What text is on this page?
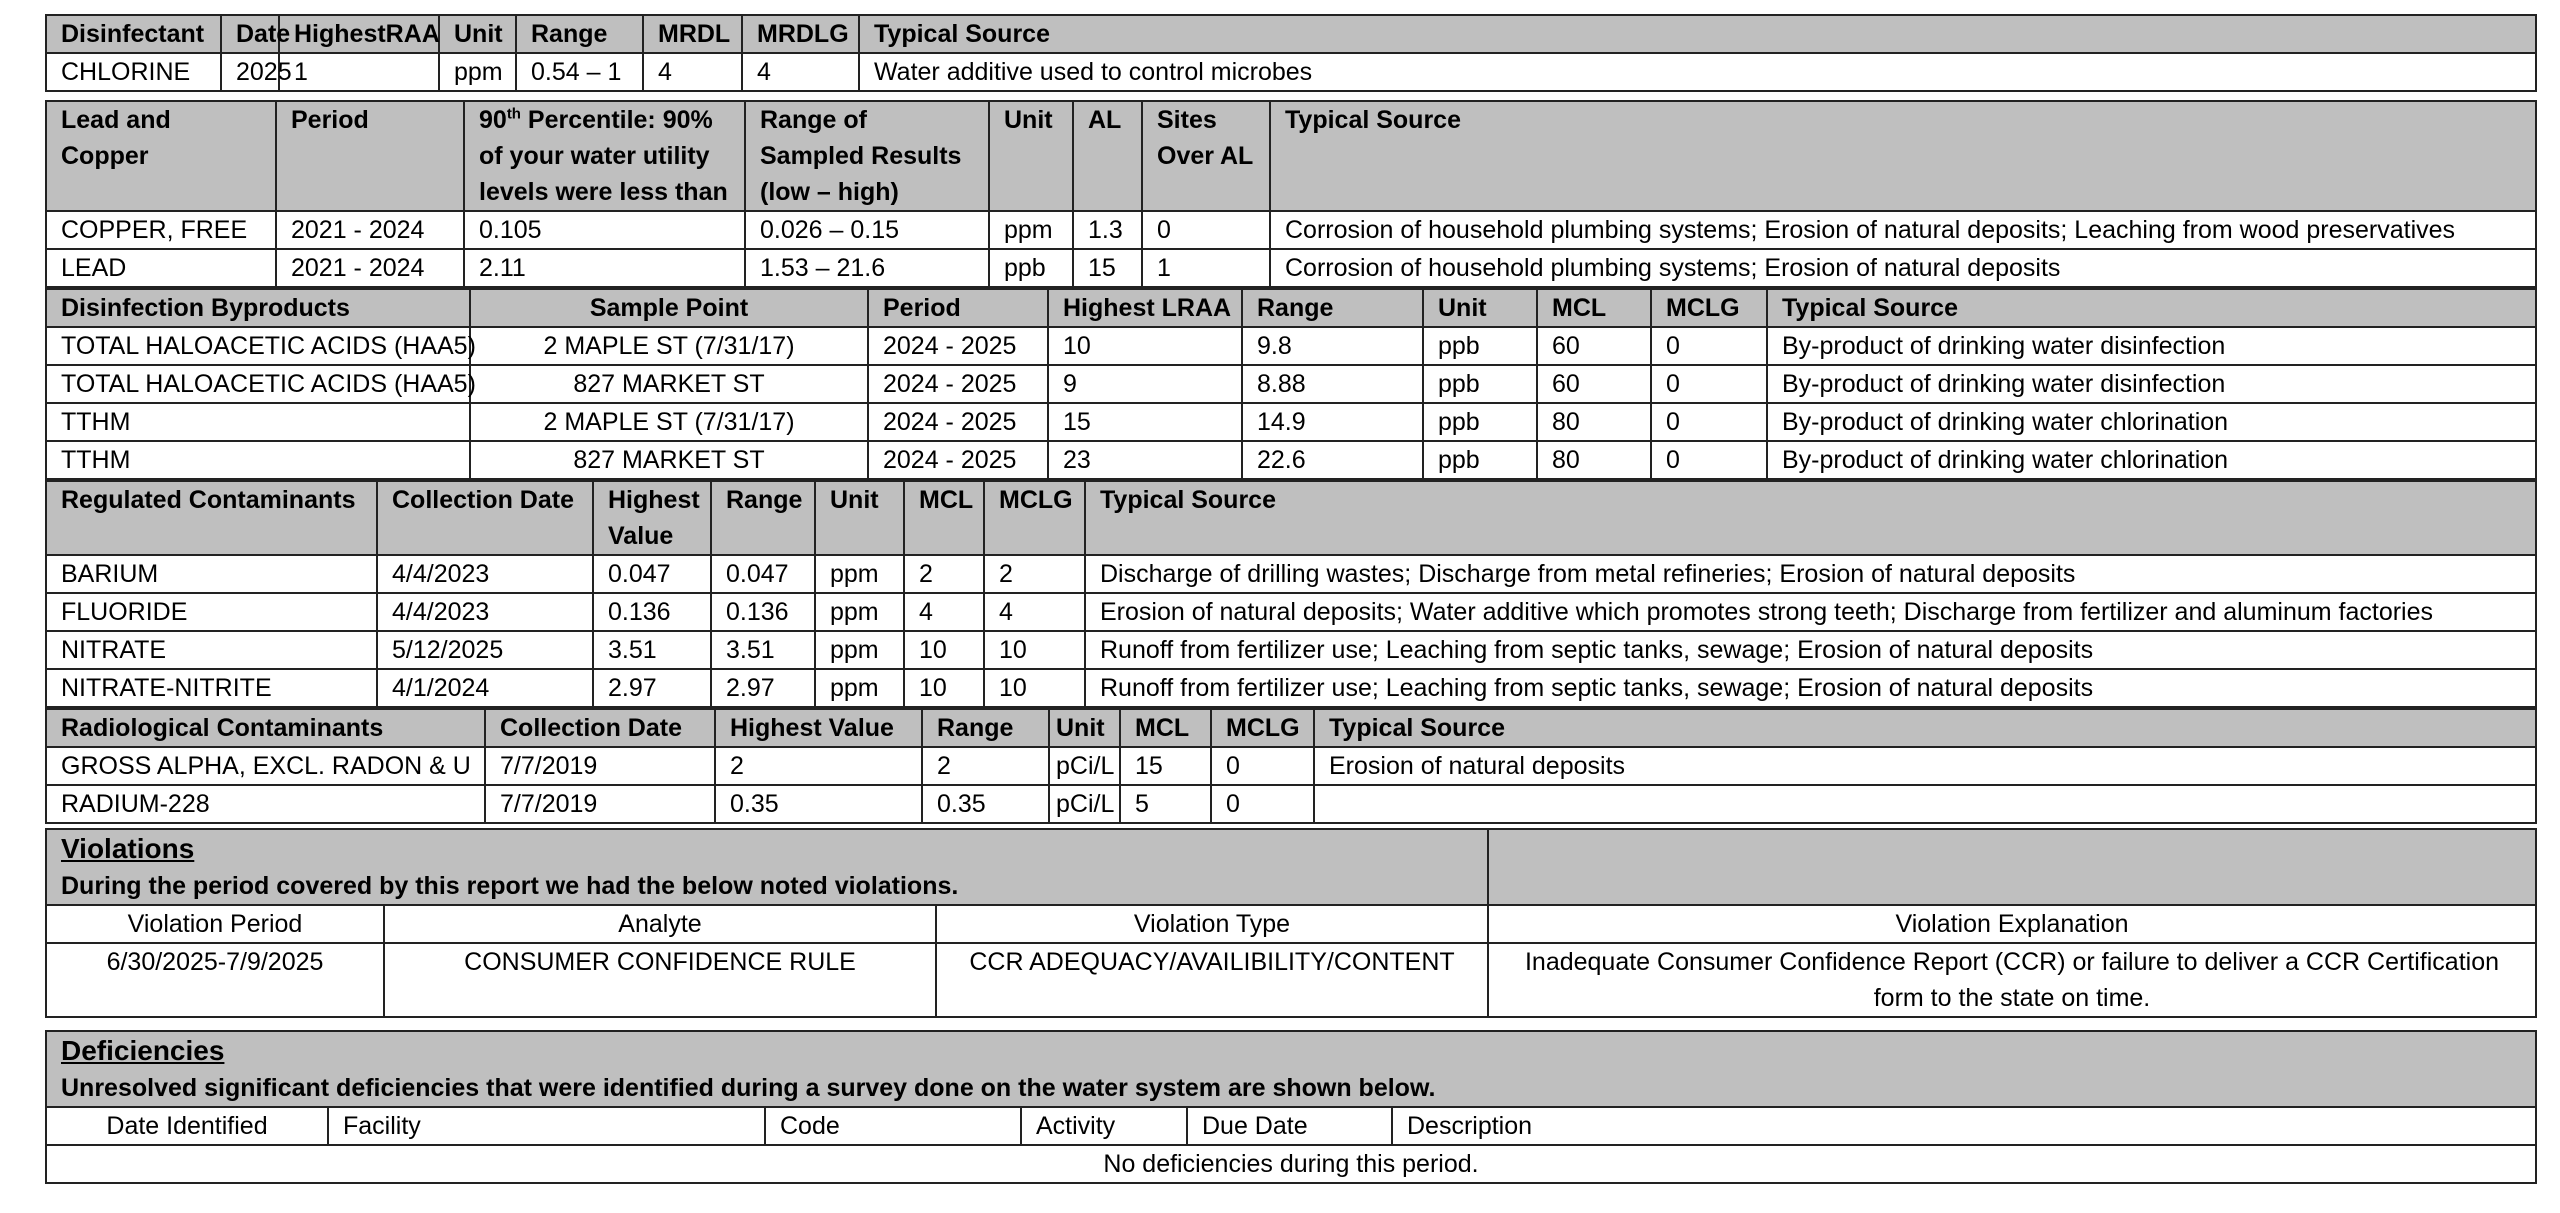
Disinfectant	Date	HighestRAA	Unit	Range	MRDL	MRDLG	Typical Source
CHLORINE	2025	1	ppm	0.54 – 1	4	4	Water additive used to control microbes
Lead and Copper	Period	90th Percentile: 90% of your water utility levels were less than	Range of Sampled Results (low – high)	Unit	AL	Sites Over AL	Typical Source
COPPER, FREE	2021 - 2024	0.105	0.026 – 0.15	ppm	1.3	0	Corrosion of household plumbing systems; Erosion of natural deposits; Leaching from wood preservatives
LEAD	2021 - 2024	2.11	1.53 – 21.6	ppb	15	1	Corrosion of household plumbing systems; Erosion of natural deposits
Disinfection Byproducts	Sample Point	Period	Highest LRAA	Range	Unit	MCL	MCLG	Typical Source
TOTAL HALOACETIC ACIDS (HAA5)	2 MAPLE ST (7/31/17)	2024 - 2025	10	9.8	ppb	60	0	By-product of drinking water disinfection
TOTAL HALOACETIC ACIDS (HAA5)	827 MARKET ST	2024 - 2025	9	8.88	ppb	60	0	By-product of drinking water disinfection
TTHM	2 MAPLE ST (7/31/17)	2024 - 2025	15	14.9	ppb	80	0	By-product of drinking water chlorination
TTHM	827 MARKET ST	2024 - 2025	23	22.6	ppb	80	0	By-product of drinking water chlorination
Regulated Contaminants	Collection Date	Highest Value	Range	Unit	MCL	MCLG	Typical Source
BARIUM	4/4/2023	0.047	0.047	ppm	2	2	Discharge of drilling wastes; Discharge from metal refineries; Erosion of natural deposits
FLUORIDE	4/4/2023	0.136	0.136	ppm	4	4	Erosion of natural deposits; Water additive which promotes strong teeth; Discharge from fertilizer and aluminum factories
NITRATE	5/12/2025	3.51	3.51	ppm	10	10	Runoff from fertilizer use; Leaching from septic tanks, sewage; Erosion of natural deposits
NITRATE-NITRITE	4/1/2024	2.97	2.97	ppm	10	10	Runoff from fertilizer use; Leaching from septic tanks, sewage; Erosion of natural deposits
Radiological Contaminants	Collection Date	Highest Value	Range	Unit	MCL	MCLG	Typical Source
GROSS ALPHA, EXCL. RADON & U	7/7/2019	2	2	pCi/L	15	0	Erosion of natural deposits
RADIUM-228	7/7/2019	0.35	0.35	pCi/L	5	0	
Violations
During the period covered by this report we had the below noted violations.			

Violation Period	Analyte	Violation Type	Violation Explanation
6/30/2025-7/9/2025	CONSUMER CONFIDENCE RULE	CCR ADEQUACY/AVAILIBILITY/CONTENT	Inadequate Consumer Confidence Report (CCR) or failure to deliver a CCR Certification form to the state on time.
Deficiencies
Unresolved significant deficiencies that were identified during a survey done on the water system are shown below.

Date Identified	Facility	Code	Activity	Due Date	Description
No deficiencies during this period.
